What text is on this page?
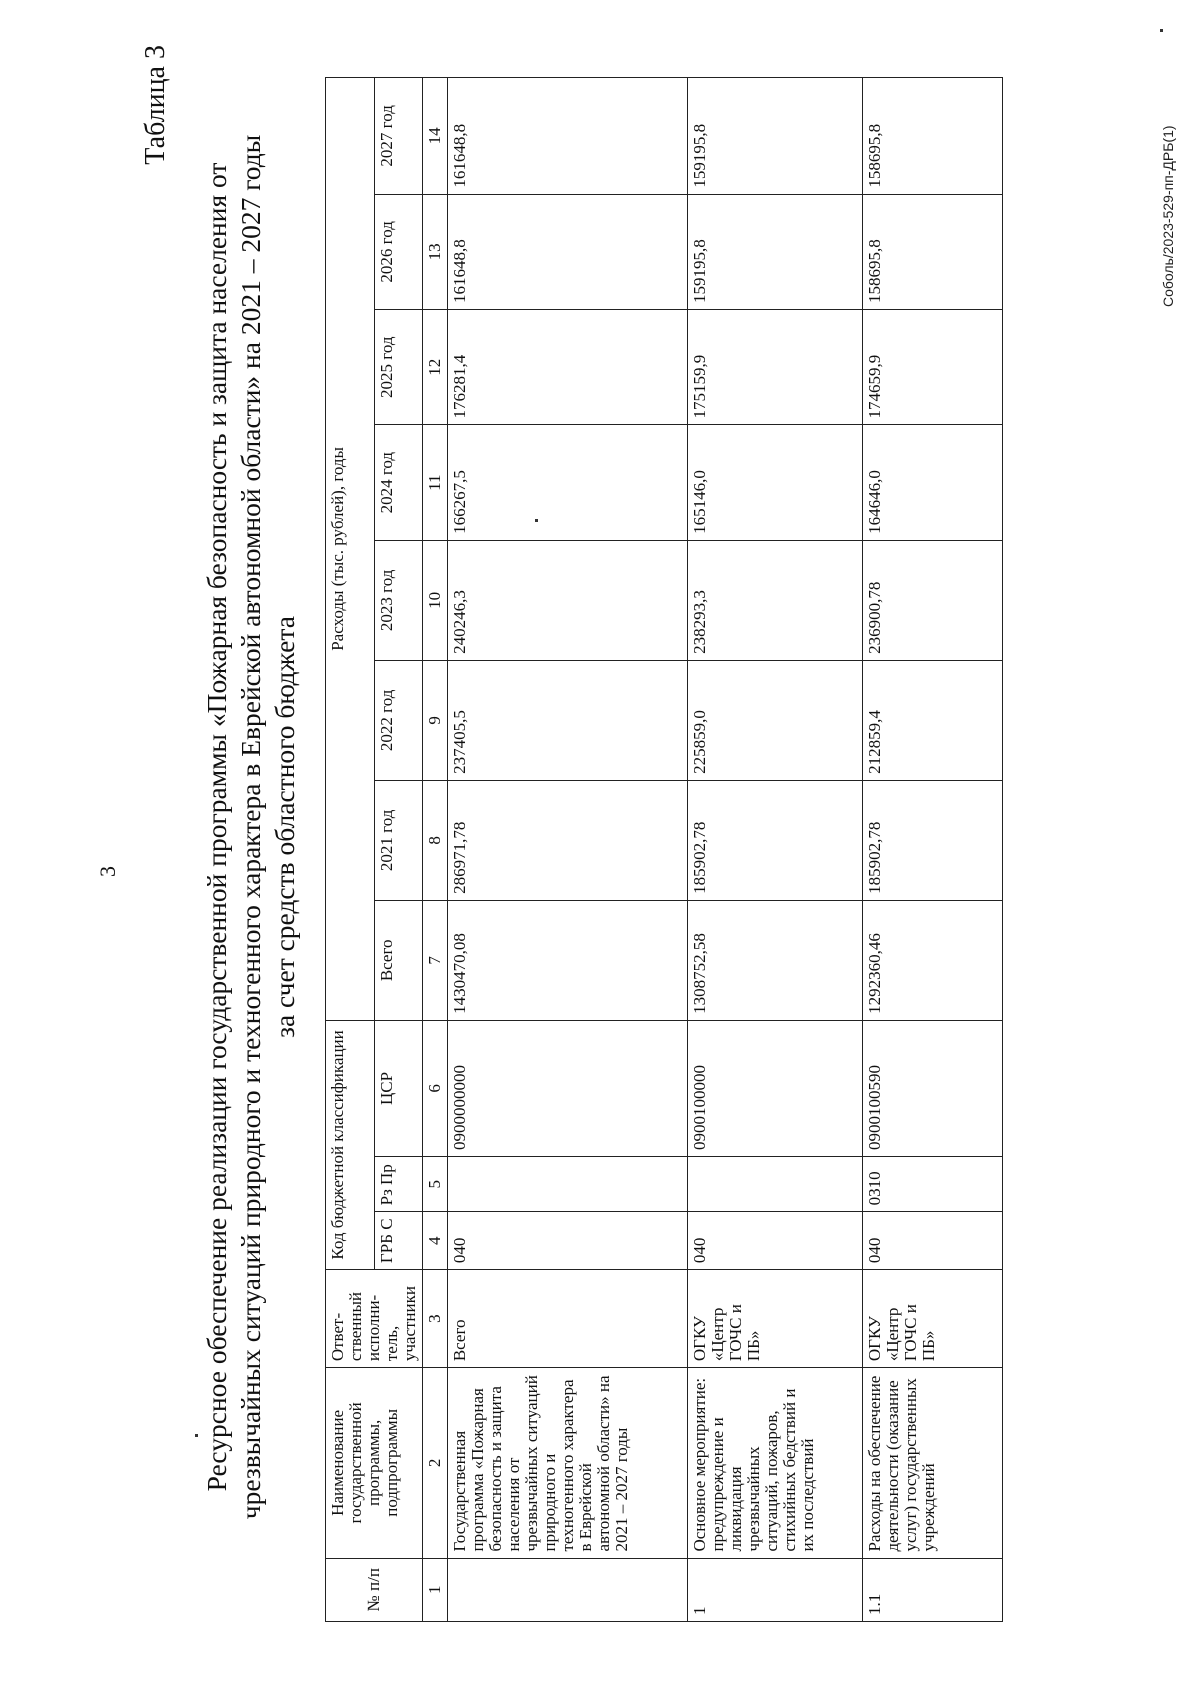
3
Таблица 3
Ресурсное обеспечение реализации государственной программы «Пожарная безопасность и защита населения от чрезвычайных ситуаций природного и техногенного характера в Еврейской автономной области» на 2021 – 2027 годы за счет средств областного бюджета
№ п/п	Наименование государственной программы, подпрограммы	Ответ-ственный исполни-тель, участники	Код бюджетной классификации			Расходы (тыс. рублей), годы							
			ГРБ С	Рз Пр	ЦСР	Всего	2021 год	2022 год	2023 год	2024 год	2025 год	2026 год	2027 год
1	2	3	4	5	6	7	8	9	10	11	12	13	14
	Государственная программа «Пожарная безопасность и защита населения от чрезвычайных ситуаций природного и техногенного характера в Еврейской автономной области» на 2021 – 2027 годы	Всего	040		0900000000	1430470,08	286971,78	237405,5	240246,3	166267,5	176281,4	161648,8	161648,8
1	Основное мероприятие: предупреждение и ликвидация чрезвычайных ситуаций, пожаров, стихийных бедствий и их последствий	ОГКУ «Центр ГОЧС и ПБ»	040		0900100000	1308752,58	185902,78	225859,0	238293,3	165146,0	175159,9	159195,8	159195,8
1.1	Расходы на обеспечение деятельности (оказание услуг) государственных учреждений	ОГКУ «Центр ГОЧС и ПБ»	040	0310	0900100590	1292360,46	185902,78	212859,4	236900,78	164646,0	174659,9	158695,8	158695,8	Соболь/2023-529-пп-ДРБ(1)
